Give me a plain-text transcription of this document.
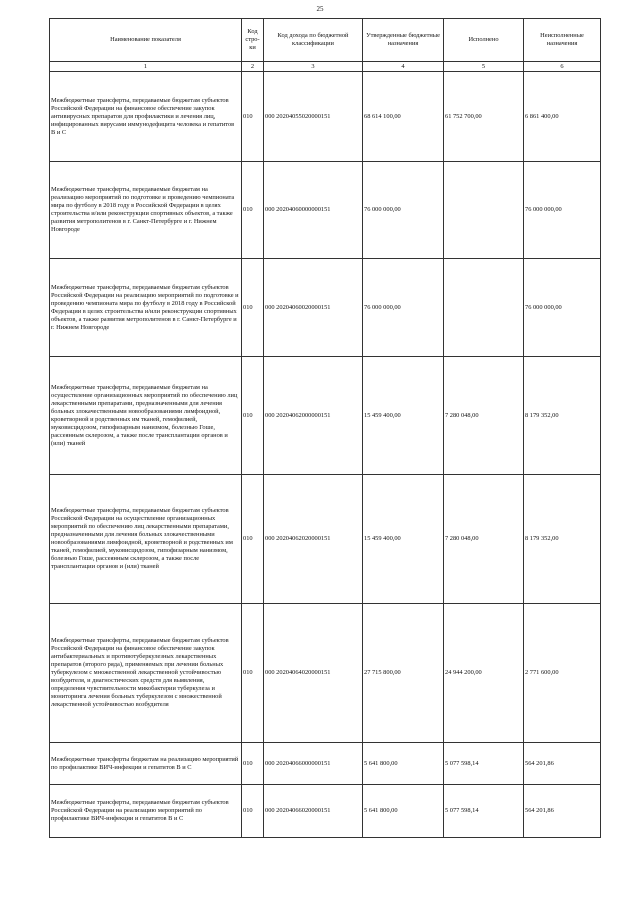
25
Наименование показателя	Код стро-ки	Код дохода по бюджетной классификации	Утвержденные бюджетные назначения	Исполнено	Неисполненные назначения
1	2	3	4	5	6
Межбюджетные трансферты, передаваемые бюджетам субъектов Российской Федерации на финансовое обеспечение закупок антивирусных препаратов для профилактики и лечения лиц, инфицированных вирусами иммунодефицита человека и гепатитов B и C	010	000 20204055020000151	68 614 100,00	61 752 700,00	6 861 400,00
Межбюджетные трансферты, передаваемые бюджетам на реализацию мероприятий по подготовке и проведению чемпионата мира по футболу в 2018 году в Российской Федерации в целях строительства и/или реконструкции спортивных объектов, а также развития метрополитенов в г. Санкт-Петербурге и г. Нижнем Новгороде	010	000 20204060000000151	76 000 000,00		76 000 000,00
Межбюджетные трансферты, передаваемые бюджетам субъектов Российской Федерации на реализацию мероприятий по подготовке и проведению чемпионата мира по футболу в 2018 году в Российской Федерации в целях строительства и/или реконструкции спортивных объектов, а также развития метрополитенов в г. Санкт-Петербурге и г. Нижнем Новгороде	010	000 20204060020000151	76 000 000,00		76 000 000,00
Межбюджетные трансферты, передаваемые бюджетам на осуществление организационных мероприятий по обеспечению лиц лекарственными препаратами, предназначенными для лечения больных злокачественными новообразованиями лимфоидной, кроветворной и родственных им тканей, гемофилией, муковисцидозом, гипофизарным нанизмом, болезнью Гоше, рассеянным склерозом, а также после трансплантации органов и (или) тканей	010	000 20204062000000151	15 459 400,00	7 280 048,00	8 179 352,00
Межбюджетные трансферты, передаваемые бюджетам субъектов Российской Федерации на осуществление организационных мероприятий по обеспечению лиц лекарственными препаратами, предназначенными для лечения больных злокачественными новообразованиями лимфоидной, кроветворной и родственных им тканей, гемофилией, муковисцидозом, гипофизарным нанизмом, болезнью Гоше, рассеянным склерозом, а также после трансплантации органов и (или) тканей	010	000 20204062020000151	15 459 400,00	7 280 048,00	8 179 352,00
Межбюджетные трансферты, передаваемые бюджетам субъектов Российской Федерации на финансовое обеспечение закупок антибактериальных и противотуберкулезных лекарственных препаратов (второго ряда), применяемых при лечении больных туберкулезом с множественной лекарственной устойчивостью возбудителя, и диагностических средств для выявления, определения чувствительности микобактерии туберкулеза и мониторинга лечения больных туберкулезом с множественной лекарственной устойчивостью возбудителя	010	000 20204064020000151	27 715 800,00	24 944 200,00	2 771 600,00
Межбюджетные трансферты бюджетам на реализацию мероприятий по профилактике ВИЧ-инфекции и гепатитов B и C	010	000 20204066000000151	5 641 800,00	5 077 598,14	564 201,86
Межбюджетные трансферты, передаваемые бюджетам субъектов Российской Федерации на реализацию мероприятий по профилактике ВИЧ-инфекции и гепатитов B и C	010	000 20204066020000151	5 641 800,00	5 077 598,14	564 201,86
